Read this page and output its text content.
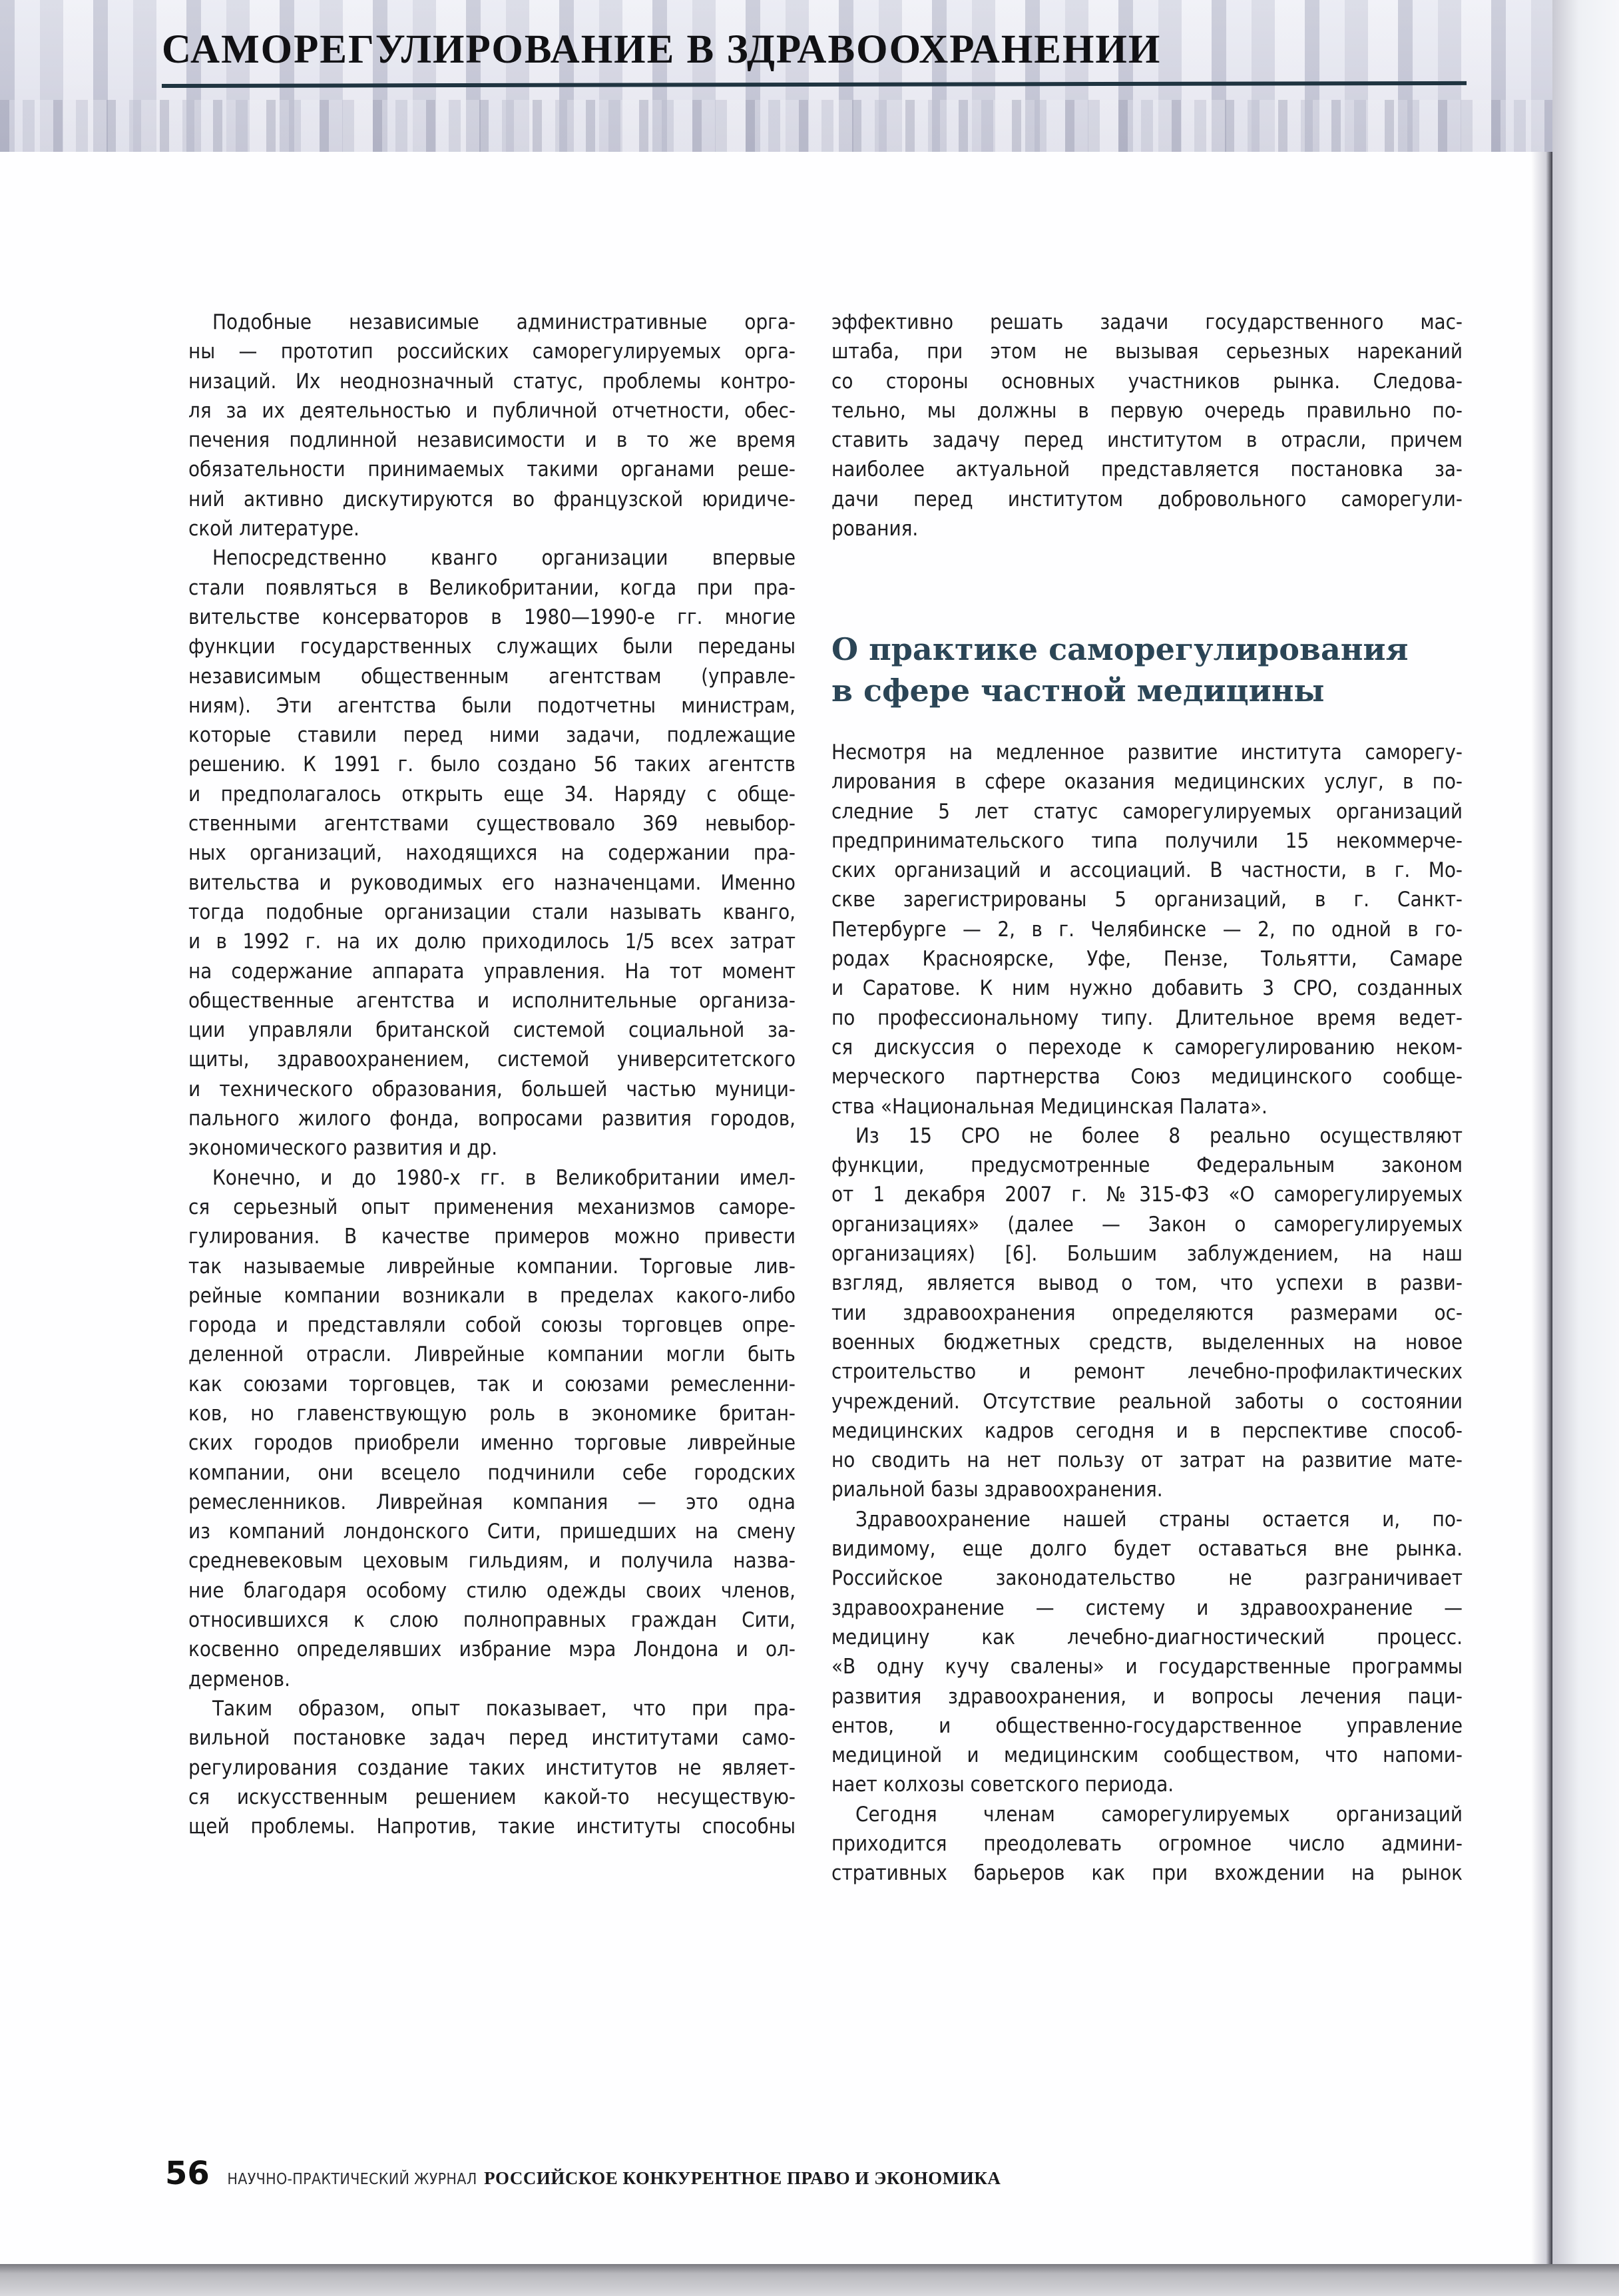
САМОРЕГУЛИРОВАНИЕ В ЗДРАВООХРАНЕНИИ

Подобные независимые административные орга-
ны — прототип российских саморегулируемых орга-
низаций. Их неоднозначный статус, проблемы контро-
ля за их деятельностью и публичной отчетности, обес-
печения подлинной независимости и в то же время
обязательности принимаемых такими органами реше-
ний активно дискутируются во французской юридиче-
ской литературе.

Непосредственно кванго организации впервые
стали появляться в Великобритании, когда при пра-
вительстве консерваторов в 1980—1990-е гг. многие
функции государственных служащих были переданы
независимым общественным агентствам (управле-
ниям). Эти агентства были подотчетны министрам,
которые ставили перед ними задачи, подлежащие
решению. К 1991 г. было создано 56 таких агентств
и предполагалось открыть еще 34. Наряду с обще-
ственными агентствами существовало 369 невыбор-
ных организаций, находящихся на содержании пра-
вительства и руководимых его назначенцами. Именно
тогда подобные организации стали называть кванго,
и в 1992 г. на их долю приходилось 1/5 всех затрат
на содержание аппарата управления. На тот момент
общественные агентства и исполнительные организа-
ции управляли британской системой социальной за-
щиты, здравоохранением, системой университетского
и технического образования, большей частью муници-
пального жилого фонда, вопросами развития городов,
экономического развития и др.

Конечно, и до 1980-х гг. в Великобритании имел-
ся серьезный опыт применения механизмов саморе-
гулирования. В качестве примеров можно привести
так называемые ливрейные компании. Торговые лив-
рейные компании возникали в пределах какого-либо
города и представляли собой союзы торговцев опре-
деленной отрасли. Ливрейные компании могли быть
как союзами торговцев, так и союзами ремесленни-
ков, но главенствующую роль в экономике британ-
ских городов приобрели именно торговые ливрейные
компании, они всецело подчинили себе городских
ремесленников. Ливрейная компания — это одна
из компаний лондонского Сити, пришедших на смену
средневековым цеховым гильдиям, и получила назва-
ние благодаря особому стилю одежды своих членов,
относившихся к слою полноправных граждан Сити,
косвенно определявших избрание мэра Лондона и ол-
дерменов.

Таким образом, опыт показывает, что при пра-
вильной постановке задач перед институтами само-
регулирования создание таких институтов не являет-
ся искусственным решением какой-то несуществую-
щей проблемы. Напротив, такие институты способны

эффективно решать задачи государственного мас-
штаба, при этом не вызывая серьезных нареканий
со стороны основных участников рынка. Следова-
тельно, мы должны в первую очередь правильно по-
ставить задачу перед институтом в отрасли, причем
наиболее актуальной представляется постановка за-
дачи перед институтом добровольного саморегули-
рования.

О практике саморегулирования
в сфере частной медицины

Несмотря на медленное развитие института саморегу-
лирования в сфере оказания медицинских услуг, в по-
следние 5 лет статус саморегулируемых организаций
предпринимательского типа получили 15 некоммерче-
ских организаций и ассоциаций. В частности, в г. Мо-
скве зарегистрированы 5 организаций, в г. Санкт-
Петербурге — 2, в г. Челябинске — 2, по одной в го-
родах Красноярске, Уфе, Пензе, Тольятти, Самаре
и Саратове. К ним нужно добавить 3 СРО, созданных
по профессиональному типу. Длительное время ведет-
ся дискуссия о переходе к саморегулированию неком-
мерческого партнерства Союз медицинского сообще-
ства «Национальная Медицинская Палата».

Из 15 СРО не более 8 реально осуществляют
функции, предусмотренные Федеральным законом
от 1 декабря 2007 г. №315-ФЗ «О саморегулируемых
организациях» (далее — Закон о саморегулируемых
организациях) [6]. Большим заблуждением, на наш
взгляд, является вывод о том, что успехи в разви-
тии здравоохранения определяются размерами ос-
военных бюджетных средств, выделенных на новое
строительство и ремонт лечебно-профилактических
учреждений. Отсутствие реальной заботы о состоянии
медицинских кадров сегодня и в перспективе способ-
но сводить на нет пользу от затрат на развитие мате-
риальной базы здравоохранения.

Здравоохранение нашей страны остается и, по-
видимому, еще долго будет оставаться вне рынка.
Российское законодательство не разграничивает
здравоохранение — систему и здравоохранение —
медицину как лечебно-диагностический процесс.
«В одну кучу свалены» и государственные программы
развития здравоохранения, и вопросы лечения паци-
ентов, и общественно-государственное управление
медициной и медицинским сообществом, что напоми-
нает колхозы советского периода.

Сегодня членам саморегулируемых организаций
приходится преодолевать огромное число админи-
стративных барьеров как при вхождении на рынок

56 НАУЧНО-ПРАКТИЧЕСКИЙ ЖУРНАЛ РОССИЙСКОЕ КОНКУРЕНТНОЕ ПРАВО И ЭКОНОМИКА
